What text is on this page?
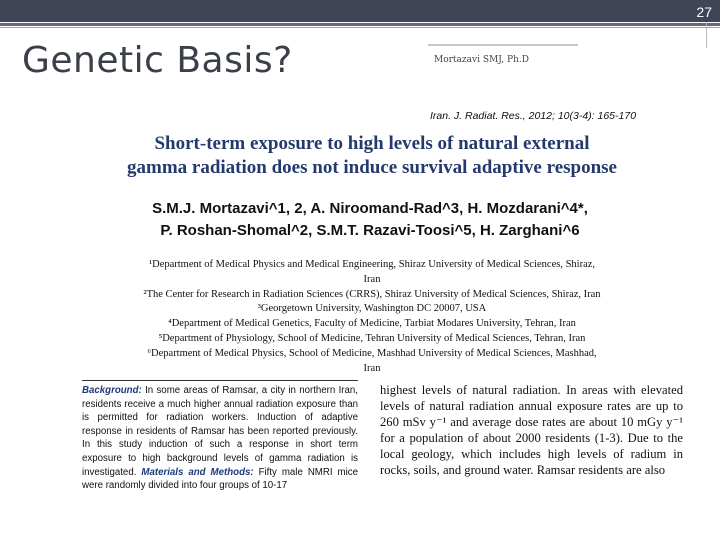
27
Genetic Basis?	Mortazavi SMJ, Ph.D
Iran. J. Radiat. Res., 2012; 10(3-4): 165-170
Short-term exposure to high levels of natural external
gamma radiation does not induce survival adaptive response
S.M.J. Mortazavi^1, 2, A. Niroomand-Rad^3, H. Mozdarani^4*,
P. Roshan-Shomal^2, S.M.T. Razavi-Toosi^5, H. Zarghani^6
¹Department of Medical Physics and Medical Engineering, Shiraz University of Medical Sciences, Shiraz,
Iran
²The Center for Research in Radiation Sciences (CRRS), Shiraz University of Medical Sciences, Shiraz, Iran
³Georgetown University, Washington DC 20007, USA
⁴Department of Medical Genetics, Faculty of Medicine, Tarbiat Modares University, Tehran, Iran
⁵Department of Physiology, School of Medicine, Tehran University of Medical Sciences, Tehran, Iran
⁶Department of Medical Physics, School of Medicine, Mashhad University of Medical Sciences, Mashhad,
Iran
Background: In some areas of Ramsar, a city in northern Iran, residents receive a much higher annual radiation exposure than is permitted for radiation workers. Induction of adaptive response in residents of Ramsar has been reported previously. In this study induction of such a response in short term exposure to high background levels of gamma radiation is investigated. Materials and Methods: Fifty male NMRI mice were randomly divided into four groups of 10-17
highest levels of natural radiation. In areas with elevated levels of natural radiation annual exposure rates are up to 260 mSv y⁻¹ and average dose rates are about 10 mGy y⁻¹ for a population of about 2000 residents (1-3). Due to the local geology, which includes high levels of radium in rocks, soils, and ground water. Ramsar residents are also
